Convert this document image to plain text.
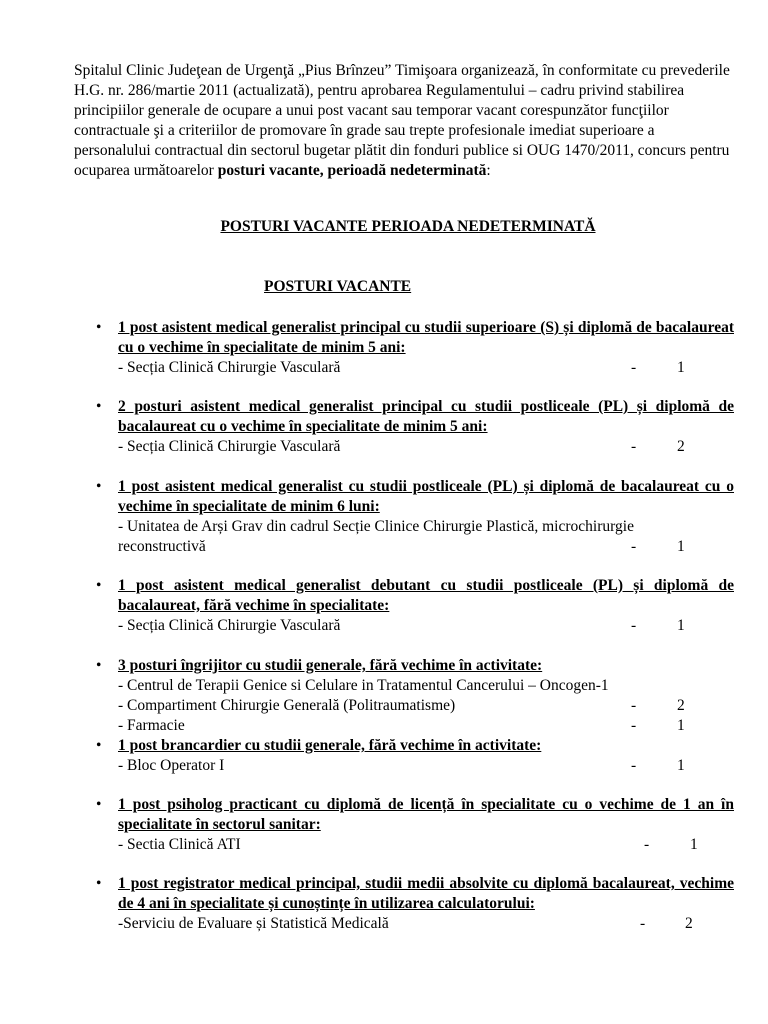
Spitalul Clinic Judeţean de Urgenţă „Pius Brînzeu” Timişoara organizează, în conformitate cu prevederile H.G. nr. 286/martie 2011 (actualizată), pentru aprobarea Regulamentului – cadru privind stabilirea principiilor generale de ocupare a unui post vacant sau temporar vacant corespunzător funcţiilor contractuale şi a criteriilor de promovare în grade sau trepte profesionale imediat superioare a personalului contractual din sectorul bugetar plătit din fonduri publice si OUG 1470/2011, concurs pentru ocuparea următoarelor posturi vacante, perioadă nedeterminată:

POSTURI VACANTE PERIOADA NEDETERMINATĂ

POSTURI VACANTE

•	1 post asistent medical generalist principal cu studii superioare (S) și diplomă de bacalaureat cu o vechime în specialitate de minim 5 ani:
- Secția Clinică Chirurgie Vasculară	-	1
•	2 posturi asistent medical generalist principal cu studii postliceale (PL) și diplomă de bacalaureat cu o vechime în specialitate de minim 5 ani:
- Secția Clinică Chirurgie Vasculară	-	2
•	1 post asistent medical generalist cu studii postliceale (PL) și diplomă de bacalaureat cu o vechime în specialitate de minim 6 luni:
- Unitatea de Arși Grav din cadrul Secție Clinice Chirurgie Plastică, microchirurgie
reconstructivă	-	1
•	1 post asistent medical generalist debutant cu studii postliceale (PL) și diplomă de bacalaureat, fără vechime în specialitate:
- Secția Clinică Chirurgie Vasculară	-	1
•	3 posturi îngrijitor cu studii generale, fără vechime în activitate:
- Centrul de Terapii Genice si Celulare in Tratamentul Cancerului – Oncogen-1
- Compartiment Chirurgie Generală (Politraumatisme)	-	2
- Farmacie	-	1
•	1 post brancardier cu studii generale, fără vechime în activitate:
- Bloc Operator I	-	1
•	1 post psiholog practicant cu diplomă de licență în specialitate cu o vechime de 1 an în specialitate în sectorul sanitar:
- Sectia Clinică ATI	-	1
•	1 post registrator medical principal, studii medii absolvite cu diplomă bacalaureat, vechime de 4 ani în specialitate și cunoștințe în utilizarea calculatorului:
-Serviciu de Evaluare și Statistică Medicală	-	2
